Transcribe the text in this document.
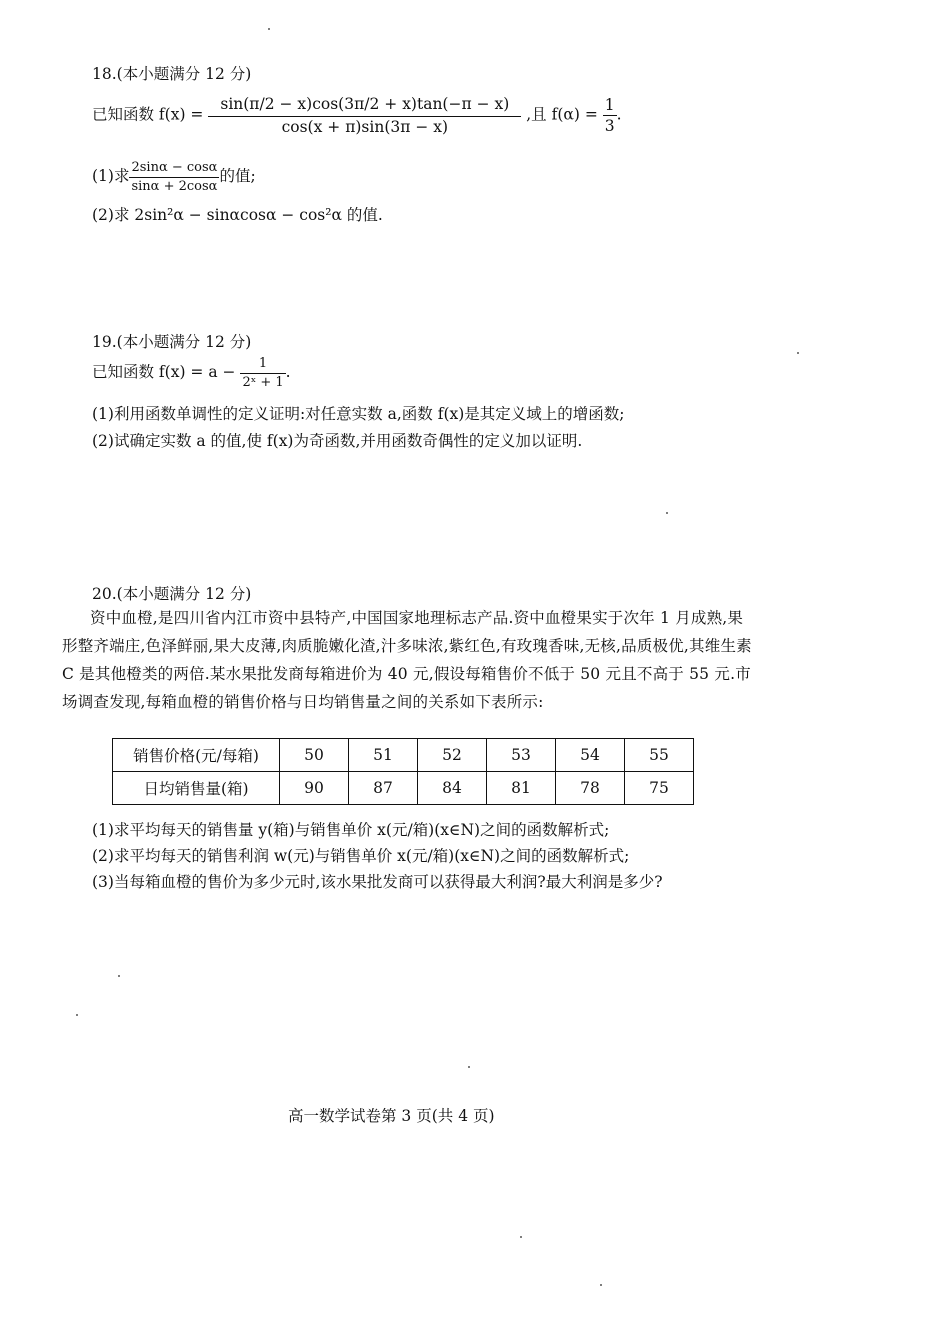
18.(本小题满分 12 分)
已知函数 $f(x) = \frac{\sin(\pi/2 - x)\cos(3\pi/2 + x)\tan(-\pi - x)}{\cos(x + \pi)\sin(3\pi - x)}$ ,且 $f(\alpha) = \frac{1}{3}$ .
(1)求 $\frac{2\sin\alpha - \cos\alpha}{\sin\alpha + 2\cos\alpha}$ 的值;
(2)求 2sin²α − sinαcosα − cos²α 的值.
19.(本小题满分 12 分)
已知函数 $f(x) = a - \frac{1}{\text{2ˣ + 1}}$ .
(1)利用函数单调性的定义证明:对任意实数 a,函数 f(x)是其定义域上的增函数;
(2)试确定实数 a 的值,使 f(x)为奇函数,并用函数奇偶性的定义加以证明.
20.(本小题满分 12 分)
资中血橙,是四川省内江市资中县特产,中国国家地理标志产品.资中血橙果实于次年 1 月成熟,果形整齐端庄,色泽鲜丽,果大皮薄,肉质脆嫩化渣,汁多味浓,紫红色,有玫瑰香味,无核,品质极优,其维生素 C 是其他橙类的两倍.某水果批发商每箱进价为 40 元,假设每箱售价不低于 50 元且不高于 55 元.市场调查发现,每箱血橙的销售价格与日均销售量之间的关系如下表所示:
销售价格(元/每箱)	50	51	52	53	54	55
日均销售量(箱)	90	87	84	81	78	75
(1)求平均每天的销售量 y(箱)与销售单价 x(元/箱)(x∈N)之间的函数解析式;
(2)求平均每天的销售利润 w(元)与销售单价 x(元/箱)(x∈N)之间的函数解析式;
(3)当每箱血橙的售价为多少元时,该水果批发商可以获得最大利润?最大利润是多少?
高一数学试卷第 3 页(共 4 页)
